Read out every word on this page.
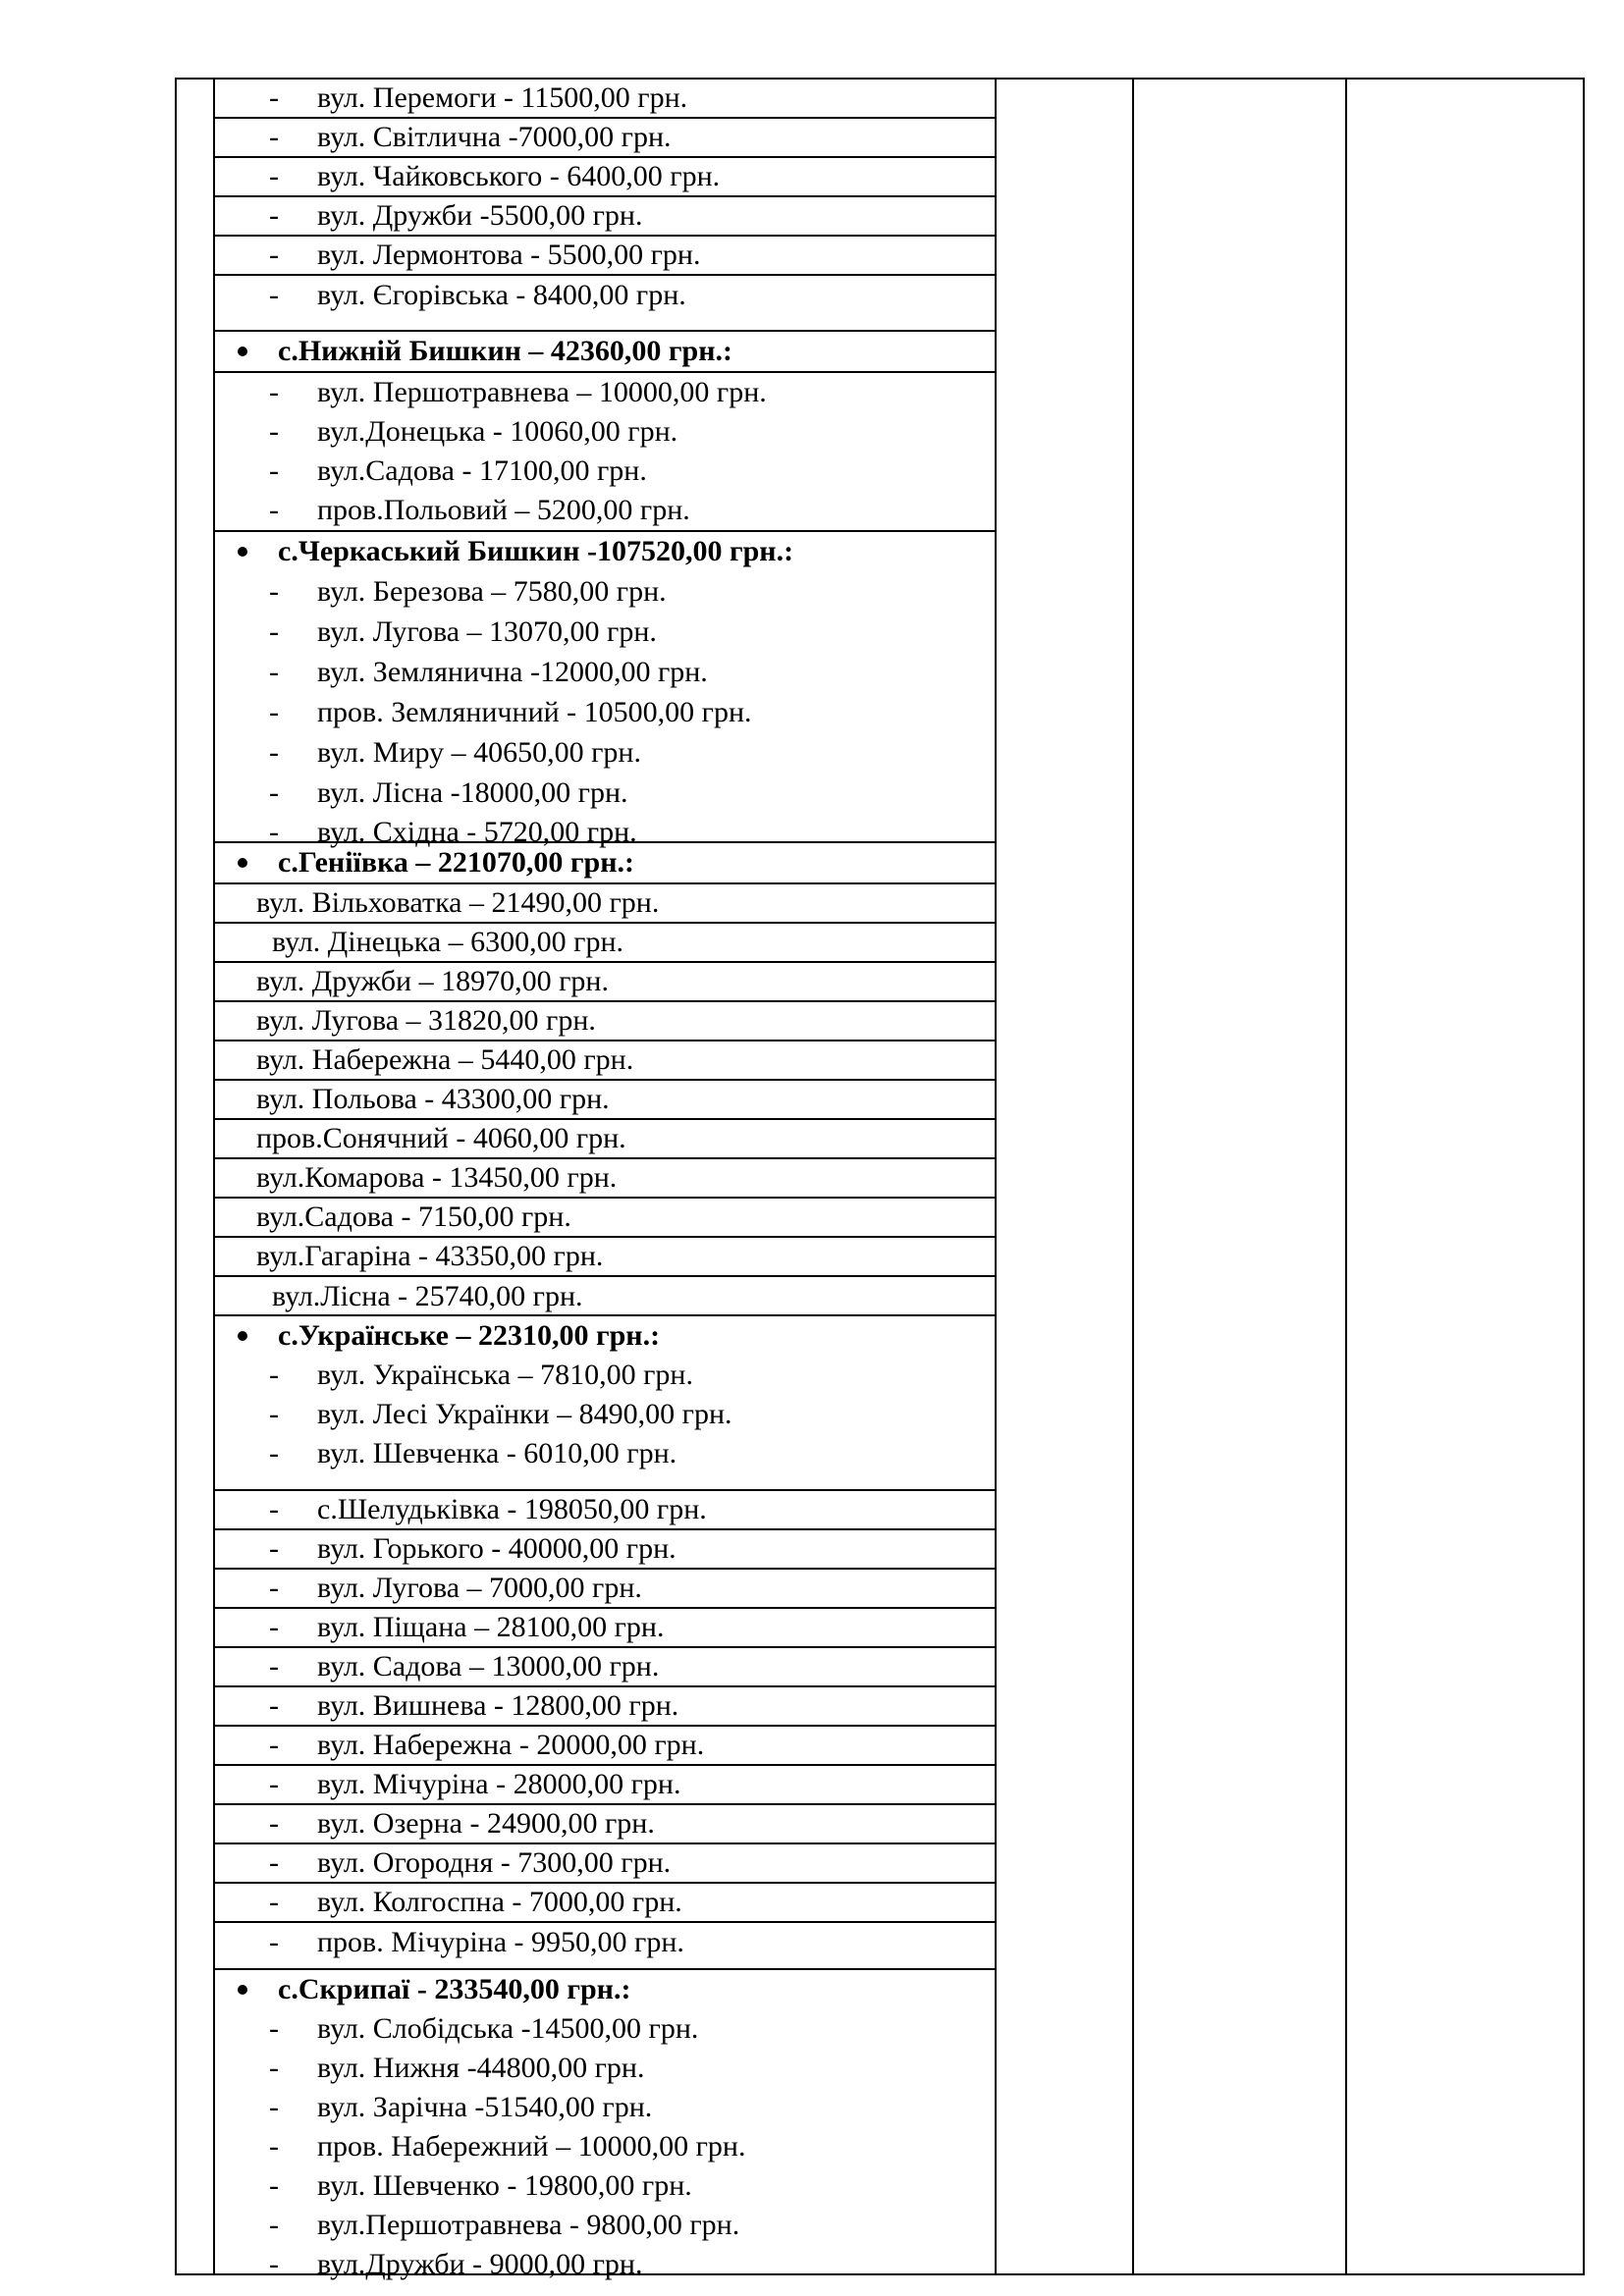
- вул. Перемоги - 11500,00 грн.
- вул. Світлична -7000,00 грн.
- вул. Чайковського - 6400,00 грн.
- вул. Дружби -5500,00 грн.
- вул. Лермонтова - 5500,00 грн.
- вул. Єгорівська - 8400,00 грн.
с.Нижній Бишкин – 42360,00 грн.:
- вул. Першотравнева – 10000,00 грн.
- вул.Донецька - 10060,00 грн.
- вул.Садова - 17100,00 грн.
- пров.Польовий – 5200,00 грн.
с.Черкаський Бишкин -107520,00 грн.:
- вул. Березова – 7580,00 грн.
- вул. Лугова – 13070,00 грн.
- вул. Землянична -12000,00 грн.
- пров. Земляничний - 10500,00 грн.
- вул. Миру – 40650,00 грн.
- вул. Лісна -18000,00 грн.
- вул. Східна - 5720,00 грн.
с.Геніївка – 221070,00 грн.:
вул. Вільховатка – 21490,00 грн.
вул. Дінецька – 6300,00 грн.
вул. Дружби – 18970,00 грн.
вул. Лугова – 31820,00 грн.
вул. Набережна – 5440,00 грн.
вул. Польова - 43300,00 грн.
пров.Сонячний - 4060,00 грн.
вул.Комарова - 13450,00 грн.
вул.Садова - 7150,00 грн.
вул.Гагаріна - 43350,00 грн.
вул.Лісна - 25740,00 грн.
с.Українське – 22310,00 грн.:
- вул. Українська – 7810,00 грн.
- вул. Лесі Українки – 8490,00 грн.
- вул. Шевченка - 6010,00 грн.
- с.Шелудьківка - 198050,00 грн.
- вул. Горького - 40000,00 грн.
- вул. Лугова – 7000,00 грн.
- вул. Піщана – 28100,00 грн.
- вул. Садова – 13000,00 грн.
- вул. Вишнева - 12800,00 грн.
- вул. Набережна - 20000,00 грн.
- вул. Мічуріна - 28000,00 грн.
- вул. Озерна - 24900,00 грн.
- вул. Огородня - 7300,00 грн.
- вул. Колгоспна - 7000,00 грн.
- пров. Мічуріна - 9950,00 грн.
с.Скрипаї - 233540,00 грн.:
- вул. Слобідська -14500,00 грн.
- вул. Нижня -44800,00 грн.
- вул. Зарічна -51540,00 грн.
- пров. Набережний – 10000,00 грн.
- вул. Шевченко - 19800,00 грн.
- вул.Першотравнева - 9800,00 грн.
- вул.Дружби - 9000,00 грн.
